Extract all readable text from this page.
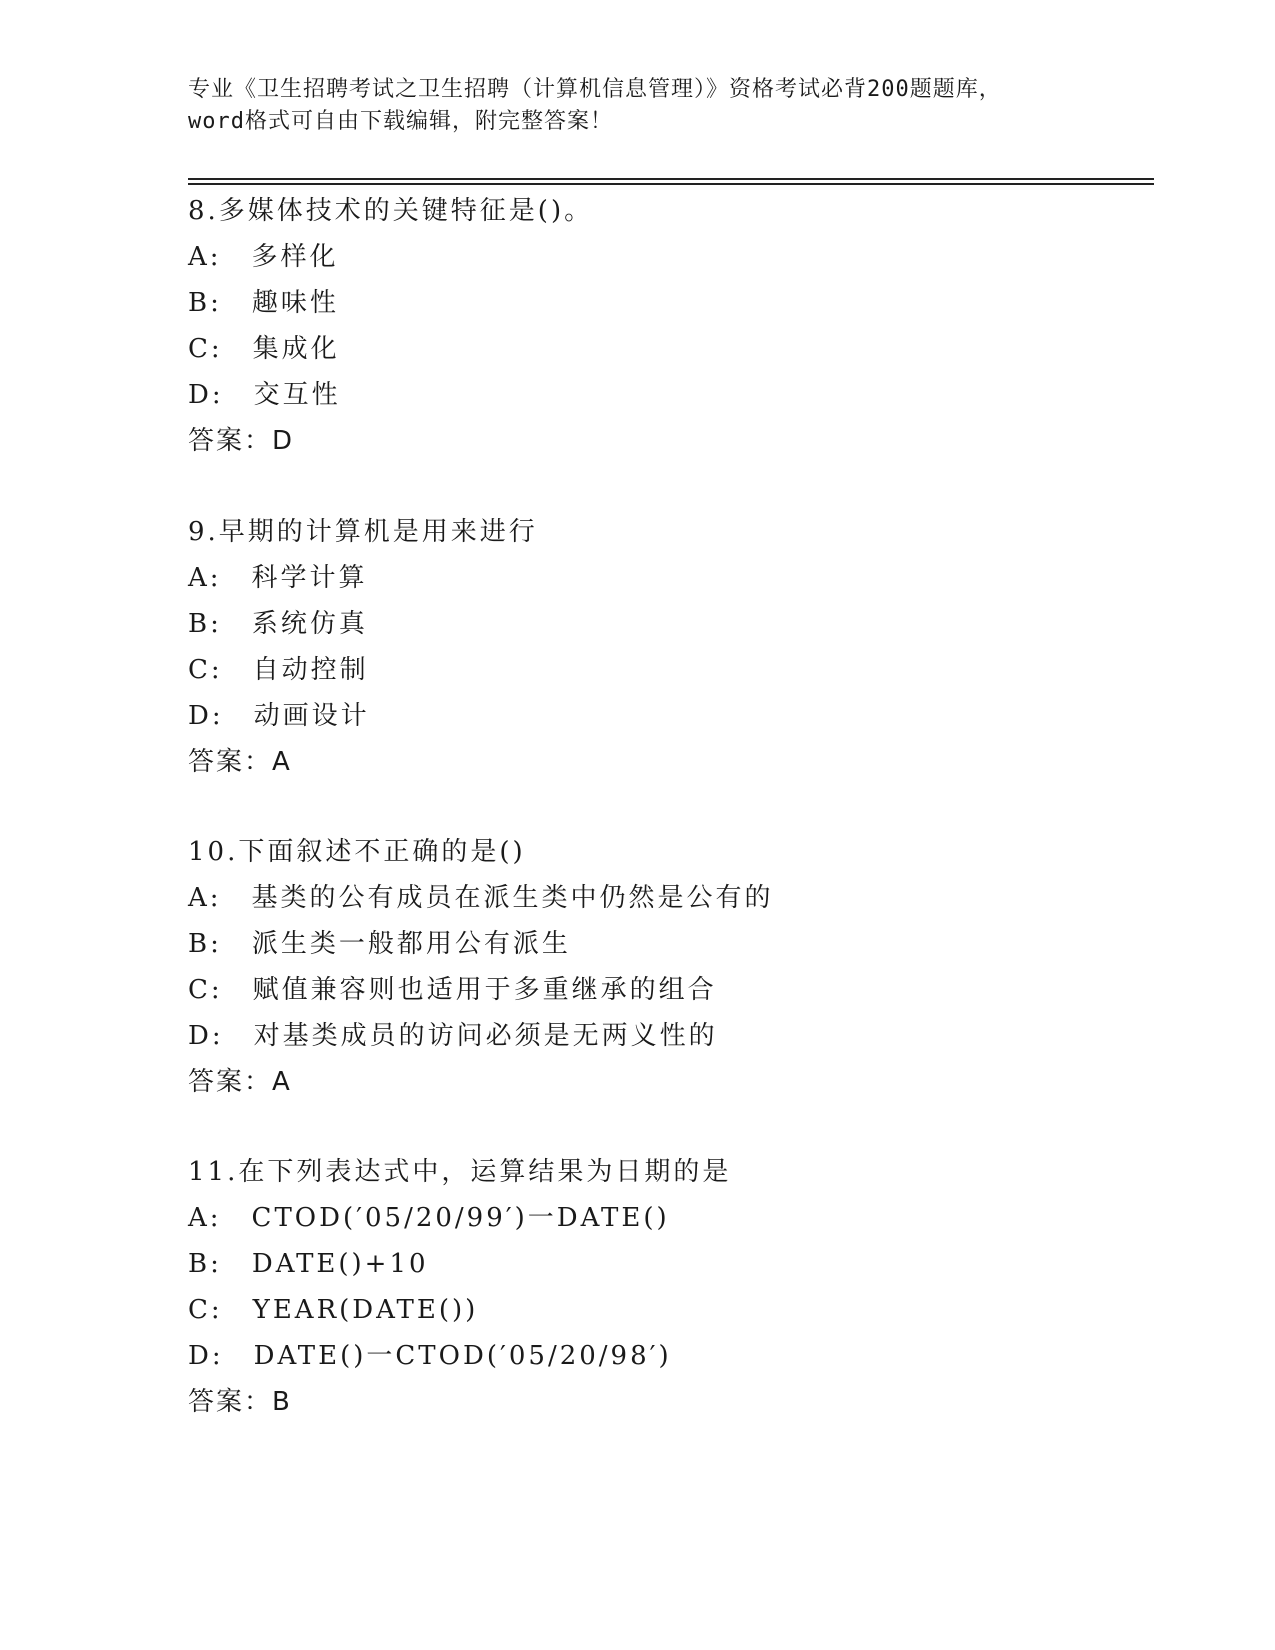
专业《卫生招聘考试之卫生招聘（计算机信息管理）》资格考试必背200题题库，
word格式可自由下载编辑，附完整答案！
8.多媒体技术的关键特征是()。
A: 多样化
B: 趣味性
C: 集成化
D: 交互性
答案：D
9.早期的计算机是用来进行
A: 科学计算
B: 系统仿真
C: 自动控制
D: 动画设计
答案：A
10.下面叙述不正确的是()
A: 基类的公有成员在派生类中仍然是公有的
B: 派生类一般都用公有派生
C: 赋值兼容则也适用于多重继承的组合
D: 对基类成员的访问必须是无两义性的
答案：A
11.在下列表达式中，运算结果为日期的是
A: CTOD(′05/20/99′)一DATE()
B: DATE()+10
C: YEAR(DATE())
D: DATE()一CTOD(′05/20/98′)
答案：B
